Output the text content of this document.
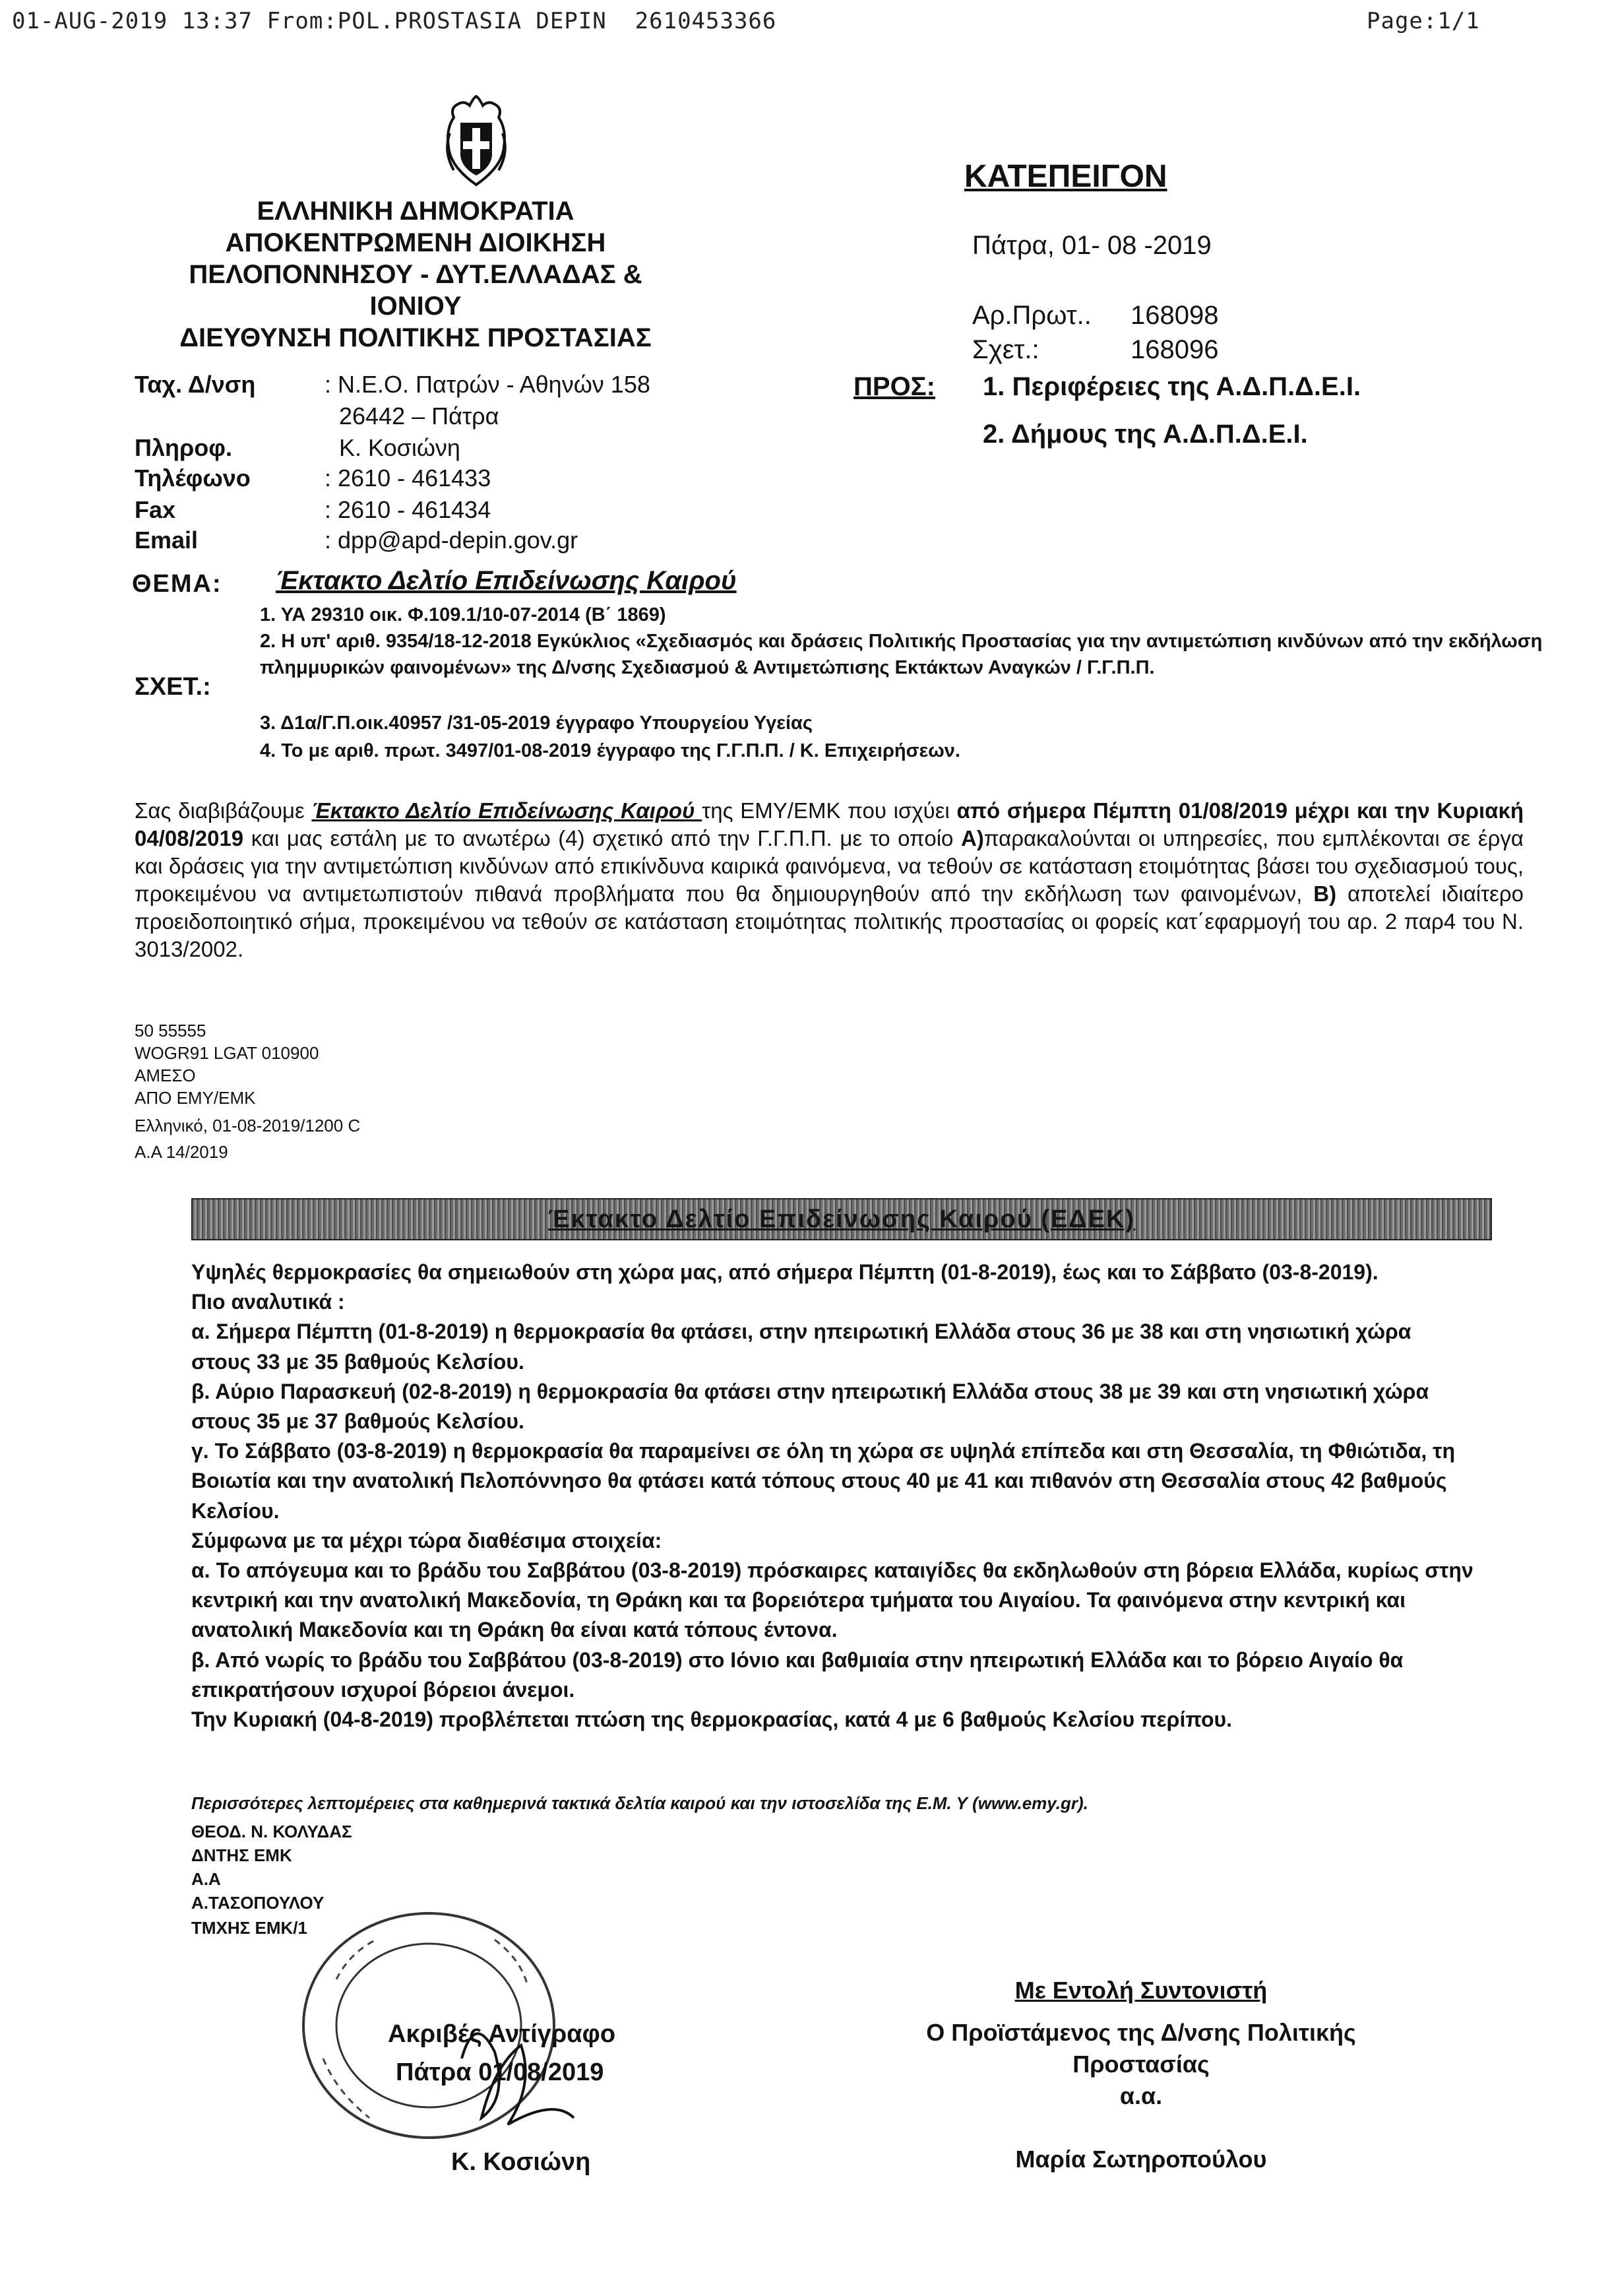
01-AUG-2019 13:37 From:POL.PROSTASIA DEPIN  2610453366	Page:1/1
ΕΛΛΗΝΙΚΗ ΔΗΜΟΚΡΑΤΙΑ
ΑΠΟΚΕΝΤΡΩΜΕΝΗ ΔΙΟΙΚΗΣΗ
ΠΕΛΟΠΟΝΝΗΣΟΥ - ΔΥΤ.ΕΛΛΑΔΑΣ &
ΙΟΝΙΟΥ
ΔΙΕΥΘΥΝΣΗ ΠΟΛΙΤΙΚΗΣ ΠΡΟΣΤΑΣΙΑΣ
Ταχ. Δ/νση	: Ν.Ε.Ο. Πατρών - Αθηνών 158
26442 – Πάτρα
Πληροφ.	Κ. Κοσιώνη
Τηλέφωνο	: 2610 - 461433
Fax	: 2610 - 461434
Email	: dpp@apd-depin.gov.gr
ΚΑΤΕΠΕΙΓΟΝ
Πάτρα, 01- 08 -2019
Αρ.Πρωτ.. 168098
Σχετ.:	168096
ΠΡΟΣ: 1. Περιφέρειες της Α.Δ.Π.Δ.Ε.Ι.
2. Δήμους της Α.Δ.Π.Δ.Ε.Ι.
ΘΕΜΑ: Έκτακτο Δελτίο Επιδείνωσης Καιρού
ΣΧΕΤ.:
1. ΥΑ 29310 οικ. Φ.109.1/10-07-2014 (Β΄ 1869)
2. Η υπ' αριθ. 9354/18-12-2018 Εγκύκλιος «Σχεδιασμός και δράσεις Πολιτικής Προστασίας για την αντιμετώπιση κινδύνων από την εκδήλωση πλημμυρικών φαινομένων» της Δ/νσης Σχεδιασμού & Αντιμετώπισης Εκτάκτων Αναγκών / Γ.Γ.Π.Π.
3. Δ1α/Γ.Π.οικ.40957 /31-05-2019 έγγραφο Υπουργείου Υγείας
4. Το με αριθ. πρωτ. 3497/01-08-2019 έγγραφο της Γ.Γ.Π.Π. / Κ. Επιχειρήσεων.
Σας διαβιβάζουμε Έκτακτο Δελτίο Επιδείνωσης Καιρού της ΕΜΥ/ΕΜΚ που ισχύει από σήμερα Πέμπτη 01/08/2019 μέχρι και την Κυριακή 04/08/2019 και μας εστάλη με το ανωτέρω (4) σχετικό από την Γ.Γ.Π.Π. με το οποίο Α)παρακαλούνται οι υπηρεσίες, που εμπλέκονται σε έργα και δράσεις για την αντιμετώπιση κινδύνων από επικίνδυνα καιρικά φαινόμενα, να τεθούν σε κατάσταση ετοιμότητας βάσει του σχεδιασμού τους, προκειμένου να αντιμετωπιστούν πιθανά προβλήματα που θα δημιουργηθούν από την εκδήλωση των φαινομένων, Β) αποτελεί ιδιαίτερο προειδοποιητικό σήμα, προκειμένου να τεθούν σε κατάσταση ετοιμότητας πολιτικής προστασίας οι φορείς κατ΄εφαρμογή του αρ. 2 παρ4 του Ν. 3013/2002.
50 55555
WOGR91 LGAT 010900
ΑΜΕΣΟ
ΑΠΟ ΕΜΥ/ΕΜΚ
Ελληνικό, 01-08-2019/1200 C
Α.Α 14/2019
Έκτακτο Δελτίο Επιδείνωσης Καιρού (ΕΔΕΚ)
Υψηλές θερμοκρασίες θα σημειωθούν στη χώρα μας, από σήμερα Πέμπτη (01-8-2019), έως και το Σάββατο (03-8-2019).
Πιο αναλυτικά :
α. Σήμερα Πέμπτη (01-8-2019) η θερμοκρασία θα φτάσει, στην ηπειρωτική Ελλάδα στους 36 με 38 και στη νησιωτική χώρα στους 33 με 35 βαθμούς Κελσίου.
β. Αύριο Παρασκευή (02-8-2019) η θερμοκρασία θα φτάσει στην ηπειρωτική Ελλάδα στους 38 με 39 και στη νησιωτική χώρα στους 35 με 37 βαθμούς Κελσίου.
γ. Το Σάββατο (03-8-2019) η θερμοκρασία θα παραμείνει σε όλη τη χώρα σε υψηλά επίπεδα και στη Θεσσαλία, τη Φθιώτιδα, τη Βοιωτία και την ανατολική Πελοπόννησο θα φτάσει κατά τόπους στους 40 με 41 και πιθανόν στη Θεσσαλία στους 42 βαθμούς Κελσίου.
Σύμφωνα με τα μέχρι τώρα διαθέσιμα στοιχεία:
α. Το απόγευμα και το βράδυ του Σαββάτου (03-8-2019) πρόσκαιρες καταιγίδες θα εκδηλωθούν στη βόρεια Ελλάδα, κυρίως στην κεντρική και την ανατολική Μακεδονία, τη Θράκη και τα βορειότερα τμήματα του Αιγαίου. Τα φαινόμενα στην κεντρική και ανατολική Μακεδονία και τη Θράκη θα είναι κατά τόπους έντονα.
β. Από νωρίς το βράδυ του Σαββάτου (03-8-2019) στο Ιόνιο και βαθμιαία στην ηπειρωτική Ελλάδα και το βόρειο Αιγαίο θα επικρατήσουν ισχυροί βόρειοι άνεμοι.
Την Κυριακή (04-8-2019) προβλέπεται πτώση της θερμοκρασίας, κατά 4 με 6 βαθμούς Κελσίου περίπου.
Περισσότερες λεπτομέρειες στα καθημερινά τακτικά δελτία καιρού και την ιστοσελίδα της Ε.Μ. Υ (www.emy.gr).
ΘΕΟΔ. Ν. ΚΟΛΥΔΑΣ
ΔΝΤΗΣ ΕΜΚ
Α.Α
Α.ΤΑΣΟΠΟΥΛΟΥ
ΤΜΧΗΣ ΕΜΚ/1
Ακριβές Αντίγραφο
Πάτρα 01/08/2019
Κ. Κοσιώνη
Με Εντολή Συντονιστή
Ο Προϊστάμενος της Δ/νσης Πολιτικής
Προστασίας
α.α.
Μαρία Σωτηροπούλου
